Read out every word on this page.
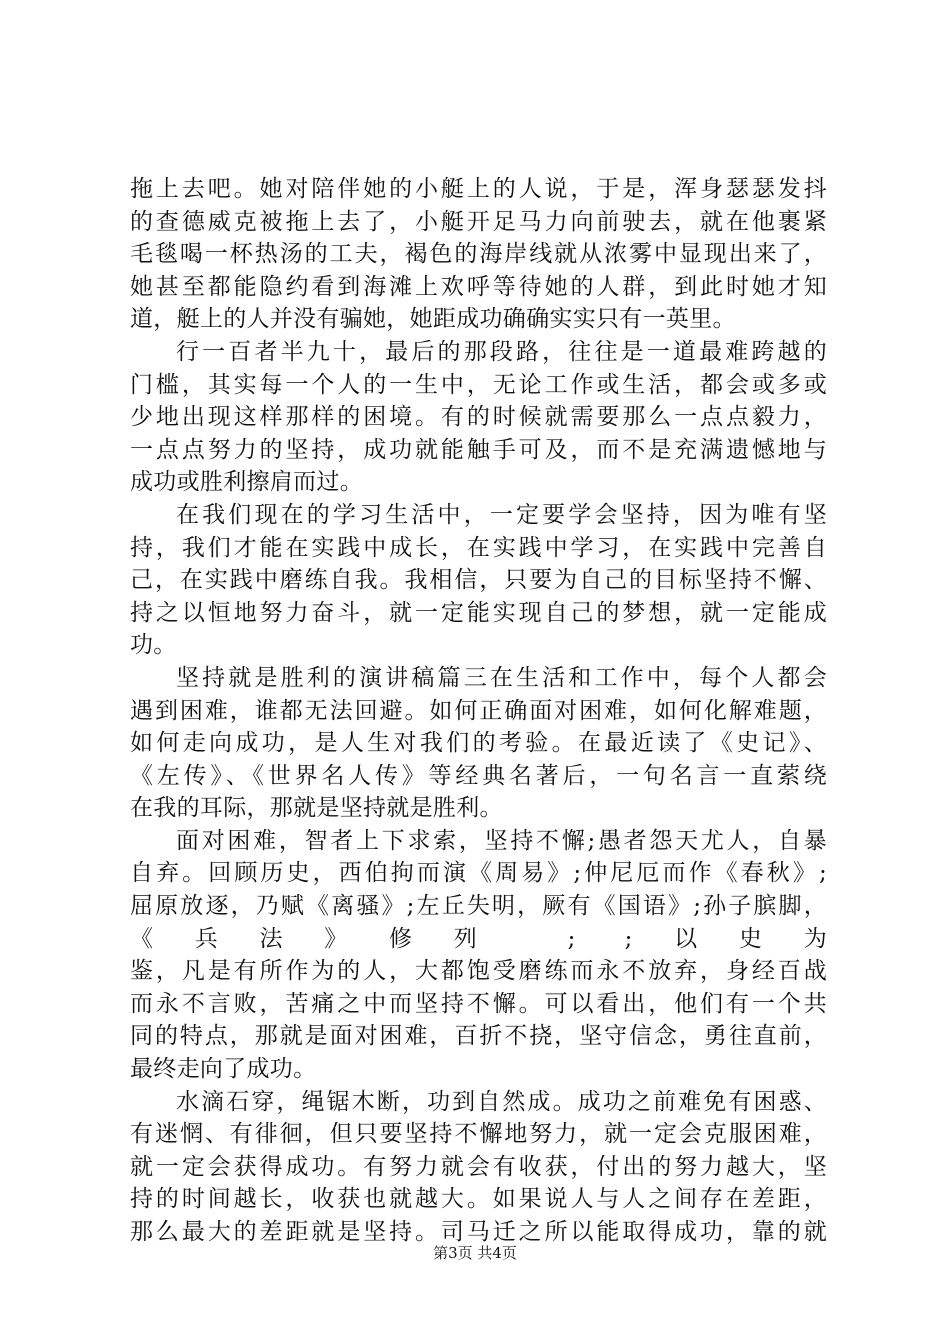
拖上去吧。她对陪伴她的小艇上的人说，于是，浑身瑟瑟发抖
的查德威克被拖上去了，小艇开足马力向前驶去，就在他裹紧
毛毯喝一杯热汤的工夫，褐色的海岸线就从浓雾中显现出来了，
她甚至都能隐约看到海滩上欢呼等待她的人群，到此时她才知
道，艇上的人并没有骗她，她距成功确确实实只有一英里。
行一百者半九十，最后的那段路，往往是一道最难跨越的
门槛，其实每一个人的一生中，无论工作或生活，都会或多或
少地出现这样那样的困境。有的时候就需要那么一点点毅力，
一点点努力的坚持，成功就能触手可及，而不是充满遗憾地与
成功或胜利擦肩而过。
在我们现在的学习生活中，一定要学会坚持，因为唯有坚
持，我们才能在实践中成长，在实践中学习，在实践中完善自
己，在实践中磨练自我。我相信，只要为自己的目标坚持不懈、
持之以恒地努力奋斗，就一定能实现自己的梦想，就一定能成
功。
坚持就是胜利的演讲稿篇三在生活和工作中，每个人都会
遇到困难，谁都无法回避。如何正确面对困难，如何化解难题，
如何走向成功，是人生对我们的考验。在最近读了《史记》、
《左传》、《世界名人传》等经典名著后，一句名言一直萦绕
在我的耳际，那就是坚持就是胜利。
面对困难，智者上下求索，坚持不懈;愚者怨天尤人，自暴
自弃。回顾历史，西伯拘而演《周易》;仲尼厄而作《春秋》;
屈原放逐，乃赋《离骚》;左丘失明，厥有《国语》;孙子膑脚，
《兵法》修列 ; ;以史为
鉴，凡是有所作为的人，大都饱受磨练而永不放弃，身经百战
而永不言败，苦痛之中而坚持不懈。可以看出，他们有一个共
同的特点，那就是面对困难，百折不挠，坚守信念，勇往直前，
最终走向了成功。
水滴石穿，绳锯木断，功到自然成。成功之前难免有困惑、
有迷惘、有徘徊，但只要坚持不懈地努力，就一定会克服困难，
就一定会获得成功。有努力就会有收获，付出的努力越大，坚
持的时间越长，收获也就越大。如果说人与人之间存在差距，
那么最大的差距就是坚持。司马迁之所以能取得成功，靠的就
第3页 共4页
